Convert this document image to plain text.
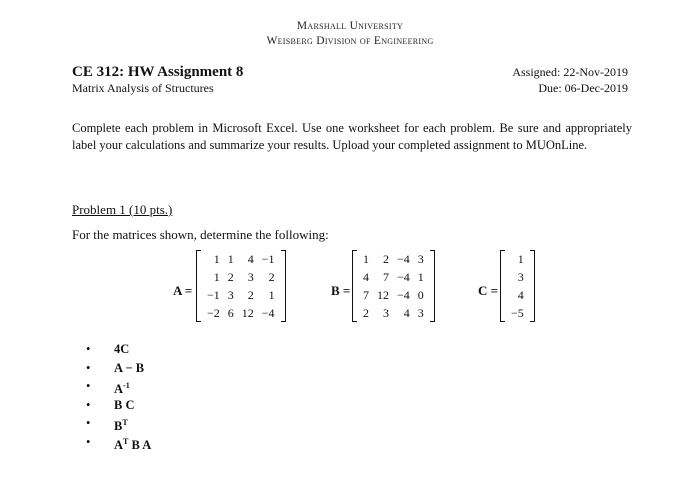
Marshall University
Weisberg Division of Engineering
CE 312: HW Assignment 8
Matrix Analysis of Structures
Assigned: 22-Nov-2019
Due: 06-Dec-2019
Complete each problem in Microsoft Excel. Use one worksheet for each problem. Be sure and appropriately label your calculations and summarize your results. Upload your completed assignment to MUOnLine.
Problem 1 (10 pts.)
For the matrices shown, determine the following:
A =
1	1	4	−1
1	2	3	2
−1	3	2	1
−2	6	12	−4
B =
1	2	−4	3
4	7	−4	1
7	12	−4	0
2	3	4	3
C =
1
3
4
−5
• 4C
• A − B
• $A^{-1}$
• B C
• $B^T$
• $A^T$ B A
